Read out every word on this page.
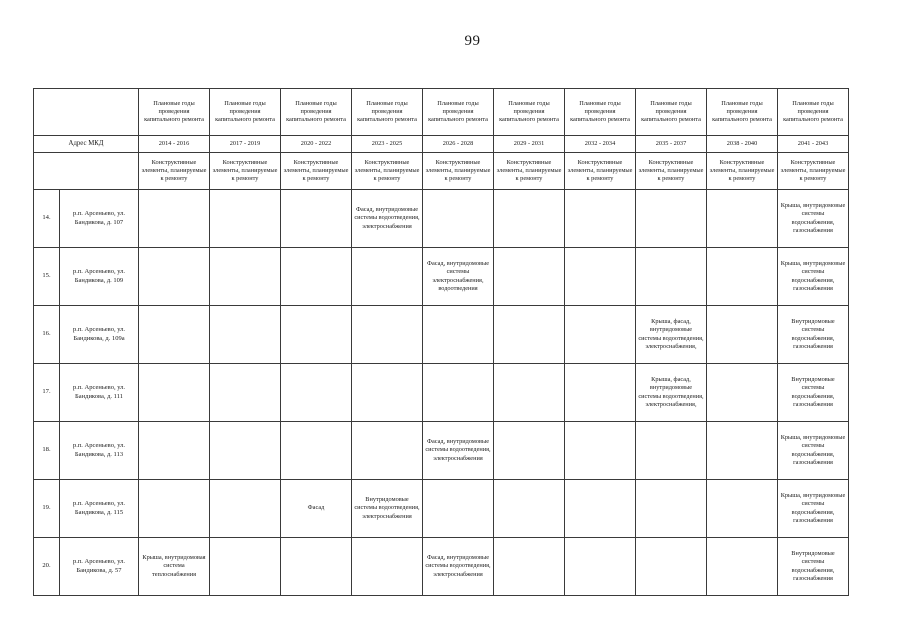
99
		Плановые годы проведения капитального ремонта	Плановые годы проведения капитального ремонта	Плановые годы проведения капитального ремонта	Плановые годы проведения капитального ремонта	Плановые годы проведения капитального ремонта	Плановые годы проведения капитального ремонта	Плановые годы проведения капитального ремонта	Плановые годы проведения капитального ремонта	Плановые годы проведения капитального ремонта	Плановые годы проведения капитального ремонта
Адрес МКД		2014 - 2016	2017 - 2019	2020 - 2022	2023 - 2025	2026 - 2028	2029 - 2031	2032 - 2034	2035 - 2037	2038 - 2040	2041 - 2043
		Конструктивные элементы, планируемые к ремонту	Конструктивные элементы, планируемые к ремонту	Конструктивные элементы, планируемые к ремонту	Конструктивные элементы, планируемые к ремонту	Конструктивные элементы, планируемые к ремонту	Конструктивные элементы, планируемые к ремонту	Конструктивные элементы, планируемые к ремонту	Конструктивные элементы, планируемые к ремонту	Конструктивные элементы, планируемые к ремонту	Конструктивные элементы, планируемые к ремонту
14.	р.п. Арсеньево, ул. Бандикова, д. 107				Фасад, внутридомовые системы водоотведения, электроснабжения						Крыша, внутридомовые системы водоснабжения, газоснабжения
15.	р.п. Арсеньево, ул. Бандикова, д. 109					Фасад, внутридомовые системы электроснабжения, водоотведения					Крыша, внутридомовые системы водоснабжения, газоснабжения
16.	р.п. Арсеньево, ул. Бандикова, д. 109а								Крыша, фасад, внутридомовые системы водоотведения, электроснабжения,		Внутридомовые системы водоснабжения, газоснабжения
17.	р.п. Арсеньево, ул. Бандикова, д. 111								Крыша, фасад, внутридомовые системы водоотведения, электроснабжения,		Внутридомовые системы водоснабжения, газоснабжения
18.	р.п. Арсеньево, ул. Бандикова, д. 113					Фасад, внутридомовые системы водоотведения, электроснабжения					Крыша, внутридомовые системы водоснабжения, газоснабжения
19.	р.п. Арсеньево, ул. Бандикова, д. 115			Фасад	Внутридомовые системы водоотведения, электроснабжения						Крыша, внутридомовые системы водоснабжения, газоснабжения
20.	р.п. Арсеньево, ул. Бандикова, д. 57	Крыша, внутридомовая система теплоснабжения				Фасад, внутридомовые системы водоотведения, электроснабжения					Внутридомовые системы водоснабжения, газоснабжения
